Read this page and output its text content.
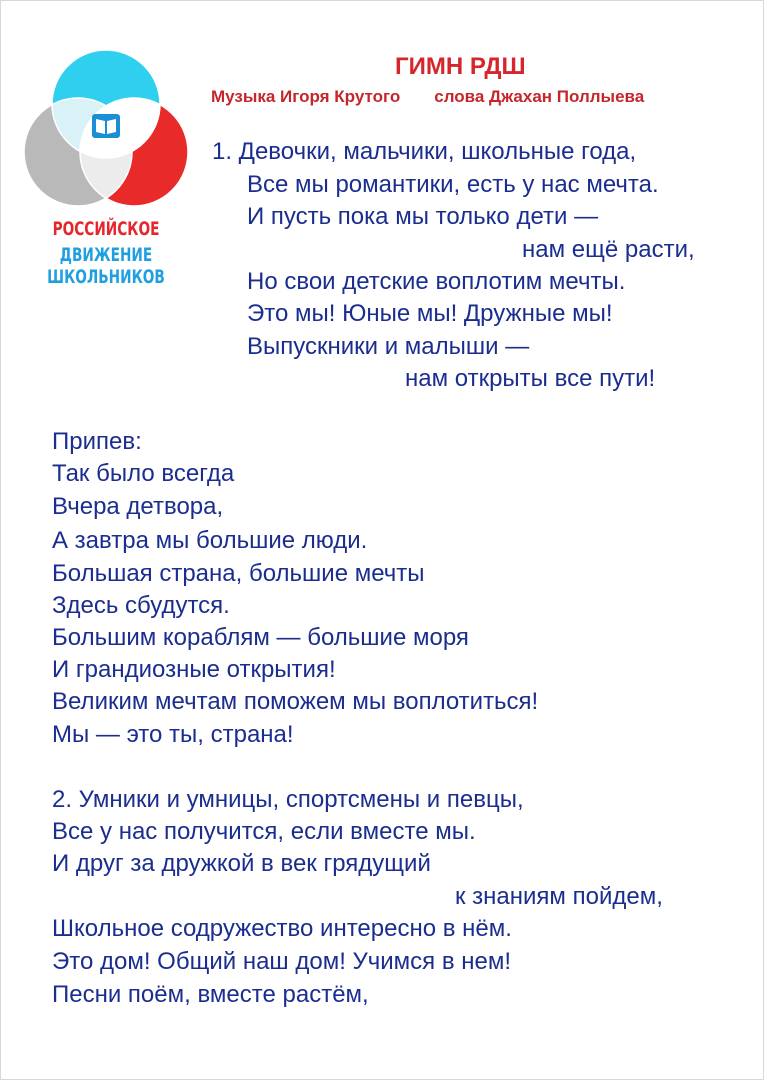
РОССИЙСКОЕ
ДВИЖЕНИЕ ШКОЛЬНИКОВ
ГИМН РДШ
Музыка Игоря Крутого слова Джахан Поллыева
1. Девочки, мальчики, школьные года,
Все мы романтики, есть у нас мечта.
И пусть пока мы только дети —
нам ещё расти,
Но свои детские воплотим мечты.
Это мы! Юные мы! Дружные мы!
Выпускники и малыши —
нам открыты все пути!
Припев:
Так было всегда
Вчера детвора,
А завтра мы большие люди.
Большая страна, большие мечты
Здесь сбудутся.
Большим кораблям — большие моря
И грандиозные открытия!
Великим мечтам поможем мы воплотиться!
Мы — это ты, страна!
2. Умники и умницы, спортсмены и певцы,
Все у нас получится, если вместе мы.
И друг за дружкой в век грядущий
к знаниям пойдем,
Школьное содружество интересно в нём.
Это дом! Общий наш дом! Учимся в нем!
Песни поём, вместе растём,
